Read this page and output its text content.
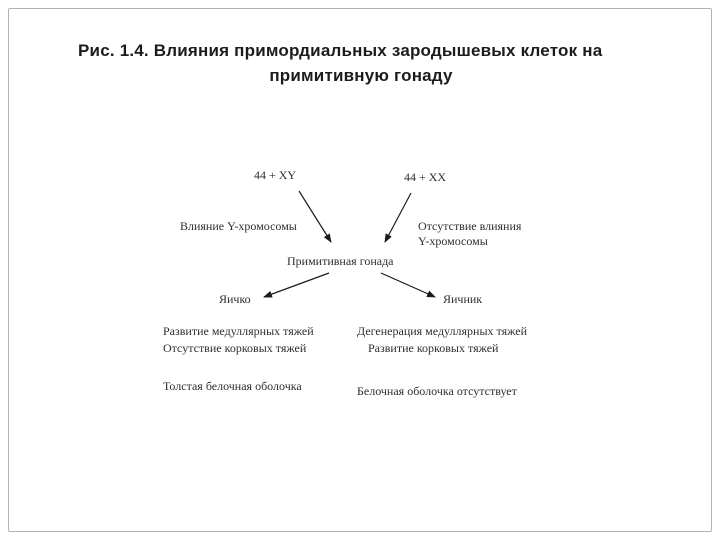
Рис. 1.4. Влияния примордиальных зародышевых клеток на
примитивную гонаду
44 + XY	44 + XX
Влияние Y-хромосомы	Отсутствие влияния
Y-хромосомы
Примитивная гонада
Яичко	Яичник
Развитие медуллярных тяжей
Отсутствие корковых тяжей
Дегенерация медуллярных тяжей
Развитие корковых тяжей
Толстая белочная оболочка	Белочная оболочка отсутствует
